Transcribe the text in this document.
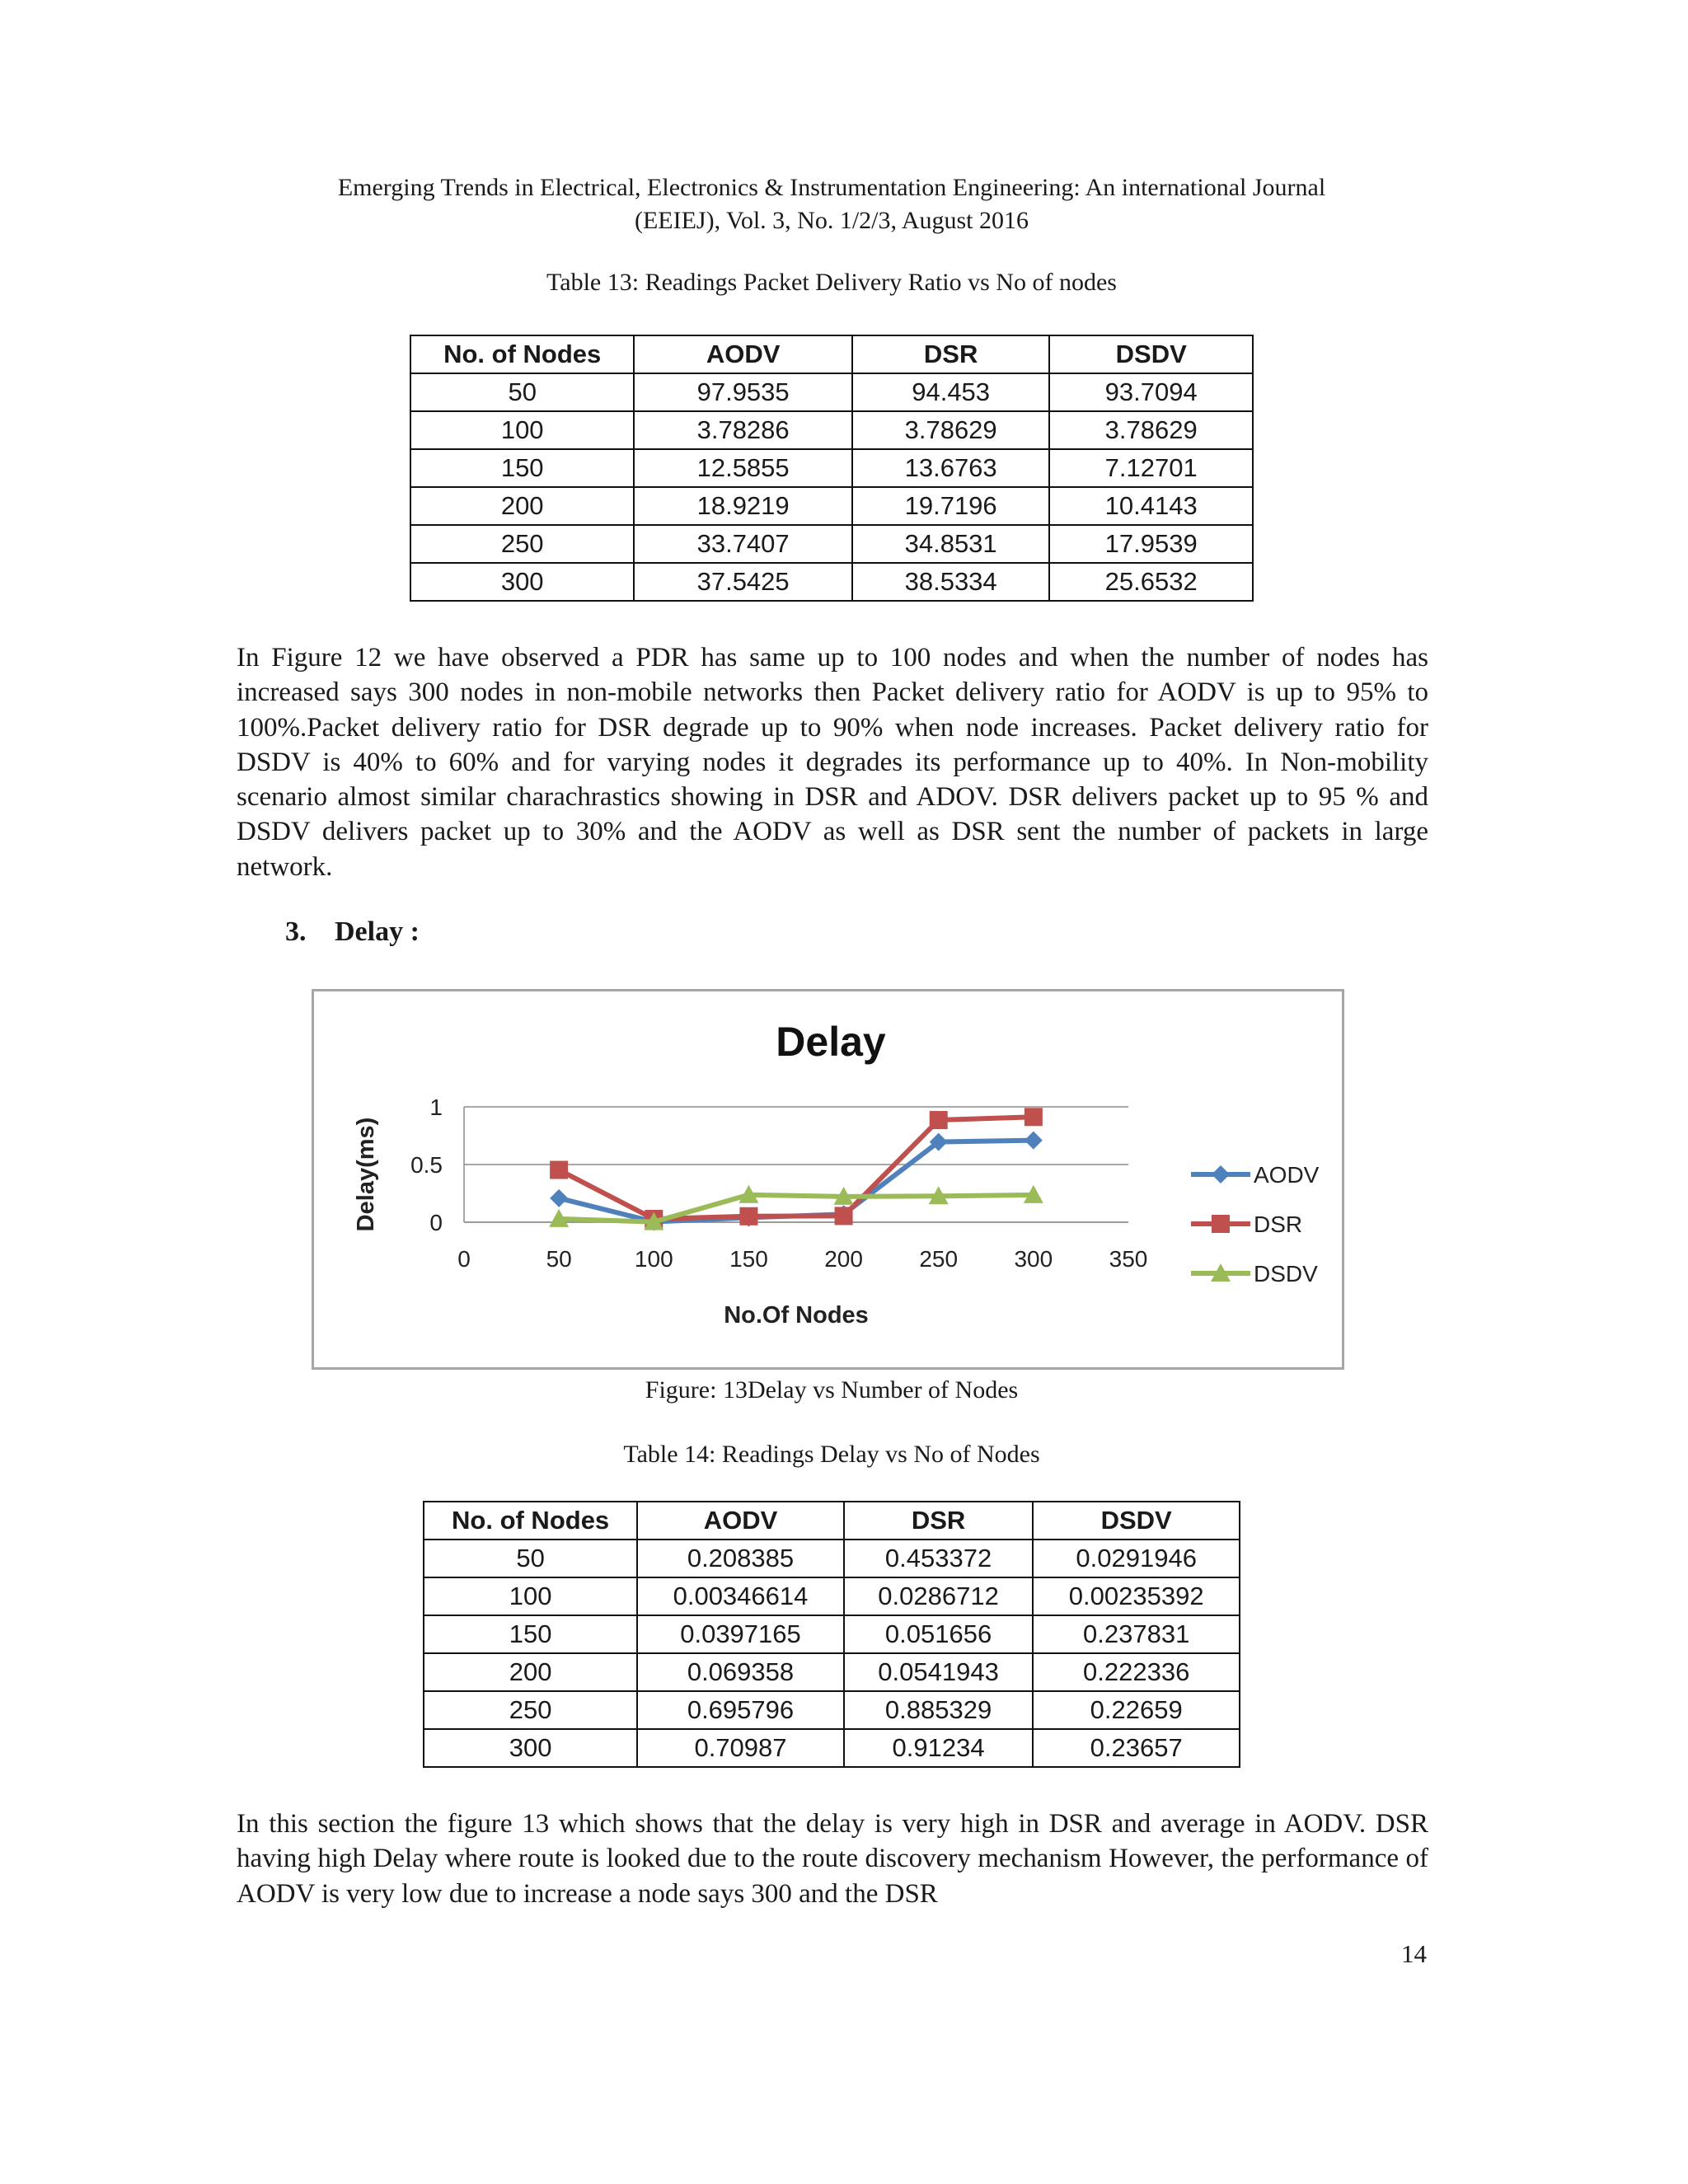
Emerging Trends in Electrical, Electronics & Instrumentation Engineering: An international Journal
(EEIEJ), Vol. 3, No. 1/2/3, August 2016
Table 13: Readings Packet Delivery Ratio vs No of nodes
No. of Nodes	AODV	DSR	DSDV
50	97.9535	94.453	93.7094
100	3.78286	3.78629	3.78629
150	12.5855	13.6763	7.12701
200	18.9219	19.7196	10.4143
250	33.7407	34.8531	17.9539
300	37.5425	38.5334	25.6532

In Figure 12 we have observed a PDR has same up to 100 nodes and when the number of nodes has increased says 300 nodes in non-mobile networks then Packet delivery ratio for AODV is up to 95% to 100%.Packet delivery ratio for DSR degrade up to 90% when node increases. Packet delivery ratio for DSDV is 40% to 60% and for varying nodes it degrades its performance up to 40%. In Non-mobility scenario almost similar charachrastics showing in DSR and ADOV. DSR delivers packet up to 95 % and DSDV delivers packet up to 30% and the AODV as well as DSR sent the number of packets in large network.

3. Delay :
Delay
0
0.5
1
0	50	100 150 200 250 300 350
No.Of Nodes
Delay(ms)	AODV
DSR
DSDV
Figure: 13Delay vs Number of Nodes
Table 14: Readings Delay vs No of Nodes
No. of Nodes	AODV	DSR	DSDV
50	0.208385	0.453372	0.0291946
100	0.00346614	0.0286712	0.00235392
150	0.0397165	0.051656	0.237831
200	0.069358	0.0541943	0.222336
250	0.695796	0.885329	0.22659
300	0.70987	0.91234	0.23657

In this section the figure 13 which shows that the delay is very high in DSR and average in AODV. DSR having high Delay where route is looked due to the route discovery mechanism However, the performance of AODV is very low due to increase a node says 300 and the DSR

14
